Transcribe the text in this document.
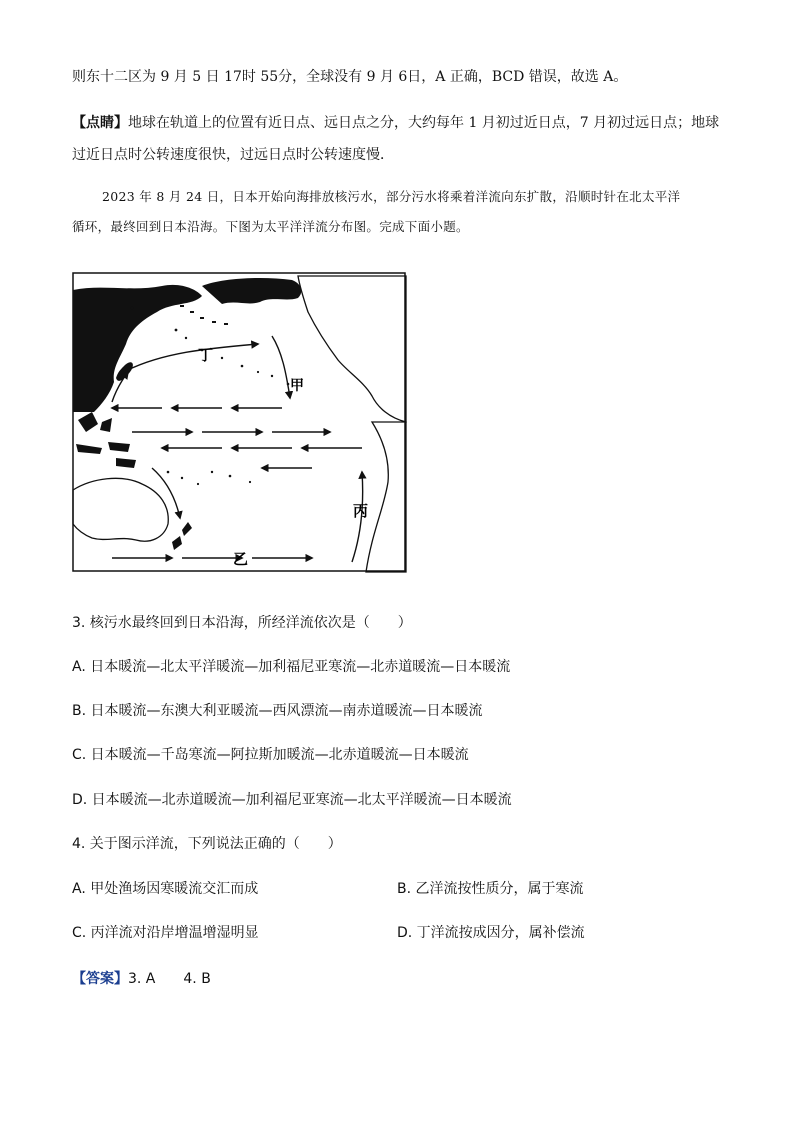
则东十二区为 9 月 5 日 17时 55分，全球没有 9 月 6日，A 正确，BCD 错误，故选 A。
【点睛】地球在轨道上的位置有近日点、远日点之分，大约每年 1 月初过近日点，7 月初过远日点；地球
过近日点时公转速度很快，过远日点时公转速度慢．
2023 年 8 月 24 日，日本开始向海排放核污水，部分污水将乘着洋流向东扩散，沿顺时针在北太平洋
循环，最终回到日本沿海。下图为太平洋洋流分布图。完成下面小题。
丁
甲
丙
乙
3. 核污水最终回到日本沿海，所经洋流依次是（　　）
A. 日本暖流—北太平洋暖流—加利福尼亚寒流—北赤道暖流—日本暖流
B. 日本暖流—东澳大利亚暖流—西风漂流—南赤道暖流—日本暖流
C. 日本暖流—千岛寒流—阿拉斯加暖流—北赤道暖流—日本暖流
D. 日本暖流—北赤道暖流—加利福尼亚寒流—北太平洋暖流—日本暖流
4. 关于图示洋流，下列说法正确的（　　）
A. 甲处渔场因寒暖流交汇而成	B. 乙洋流按性质分，属于寒流
C. 丙洋流对沿岸增温增湿明显	D. 丁洋流按成因分，属补偿流
【答案】3. A　　4. B
